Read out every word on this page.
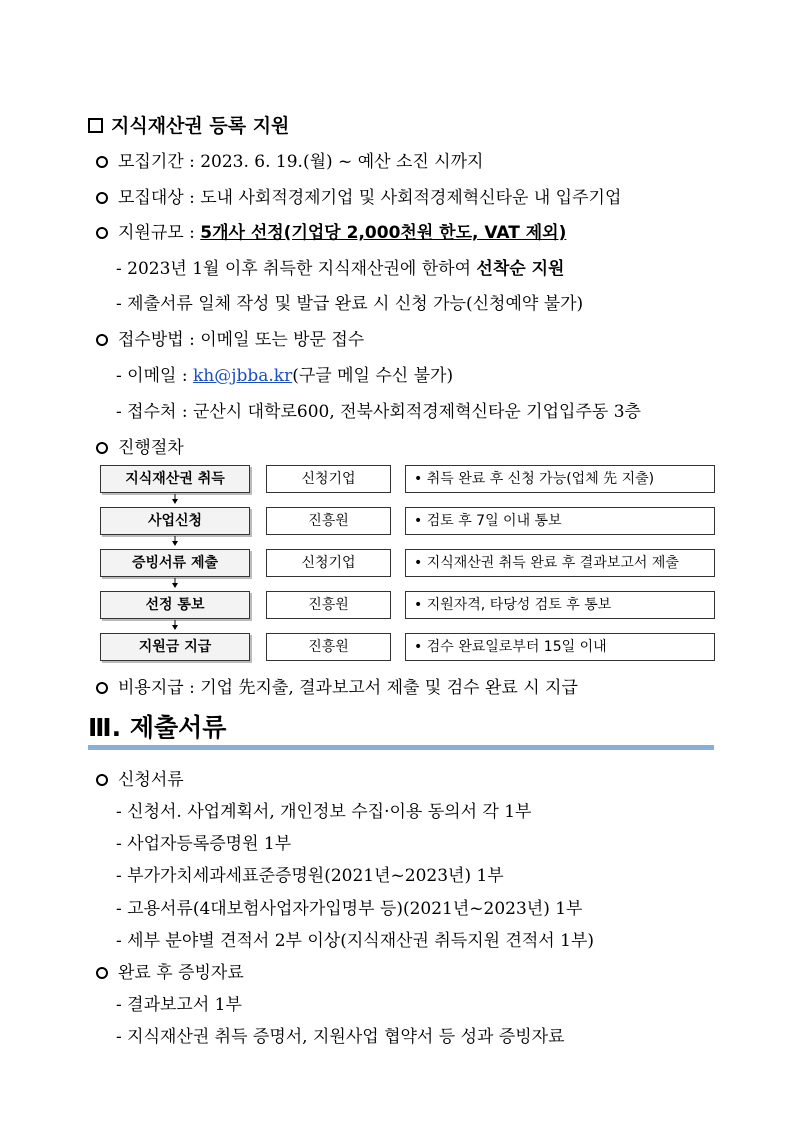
지식재산권 등록 지원
모집기간 : 2023. 6. 19.(월) ~ 예산 소진 시까지
모집대상 : 도내 사회적경제기업 및 사회적경제혁신타운 내 입주기업
지원규모 : 5개사 선정(기업당 2,000천원 한도, VAT 제외)
- 2023년 1월 이후 취득한 지식재산권에 한하여 선착순 지원
- 제출서류 일체 작성 및 발급 완료 시 신청 가능(신청예약 불가)
접수방법 : 이메일 또는 방문 접수
- 이메일 : kh@jbba.kr(구글 메일 수신 불가)
- 접수처 : 군산시 대학로600, 전북사회적경제혁신타운 기업입주동 3층
진행절차
지식재산권 취득	신청기업	• 취득 완료 후 신청 가능(업체 先 지출)
사업신청	진흥원	• 검토 후 7일 이내 통보
증빙서류 제출	신청기업	• 지식재산권 취득 완료 후 결과보고서 제출
선정 통보	진흥원	• 지원자격, 타당성 검토 후 통보
지원금 지급	진흥원	• 검수 완료일로부터 15일 이내
비용지급 : 기업 先지출, 결과보고서 제출 및 검수 완료 시 지급
Ⅲ. 제출서류
신청서류
- 신청서. 사업계획서, 개인정보 수집·이용 동의서 각 1부
- 사업자등록증명원 1부
- 부가가치세과세표준증명원(2021년~2023년) 1부
- 고용서류(4대보험사업자가입명부 등)(2021년~2023년) 1부
- 세부 분야별 견적서 2부 이상(지식재산권 취득지원 견적서 1부)
완료 후 증빙자료
- 결과보고서 1부
- 지식재산권 취득 증명서, 지원사업 협약서 등 성과 증빙자료
